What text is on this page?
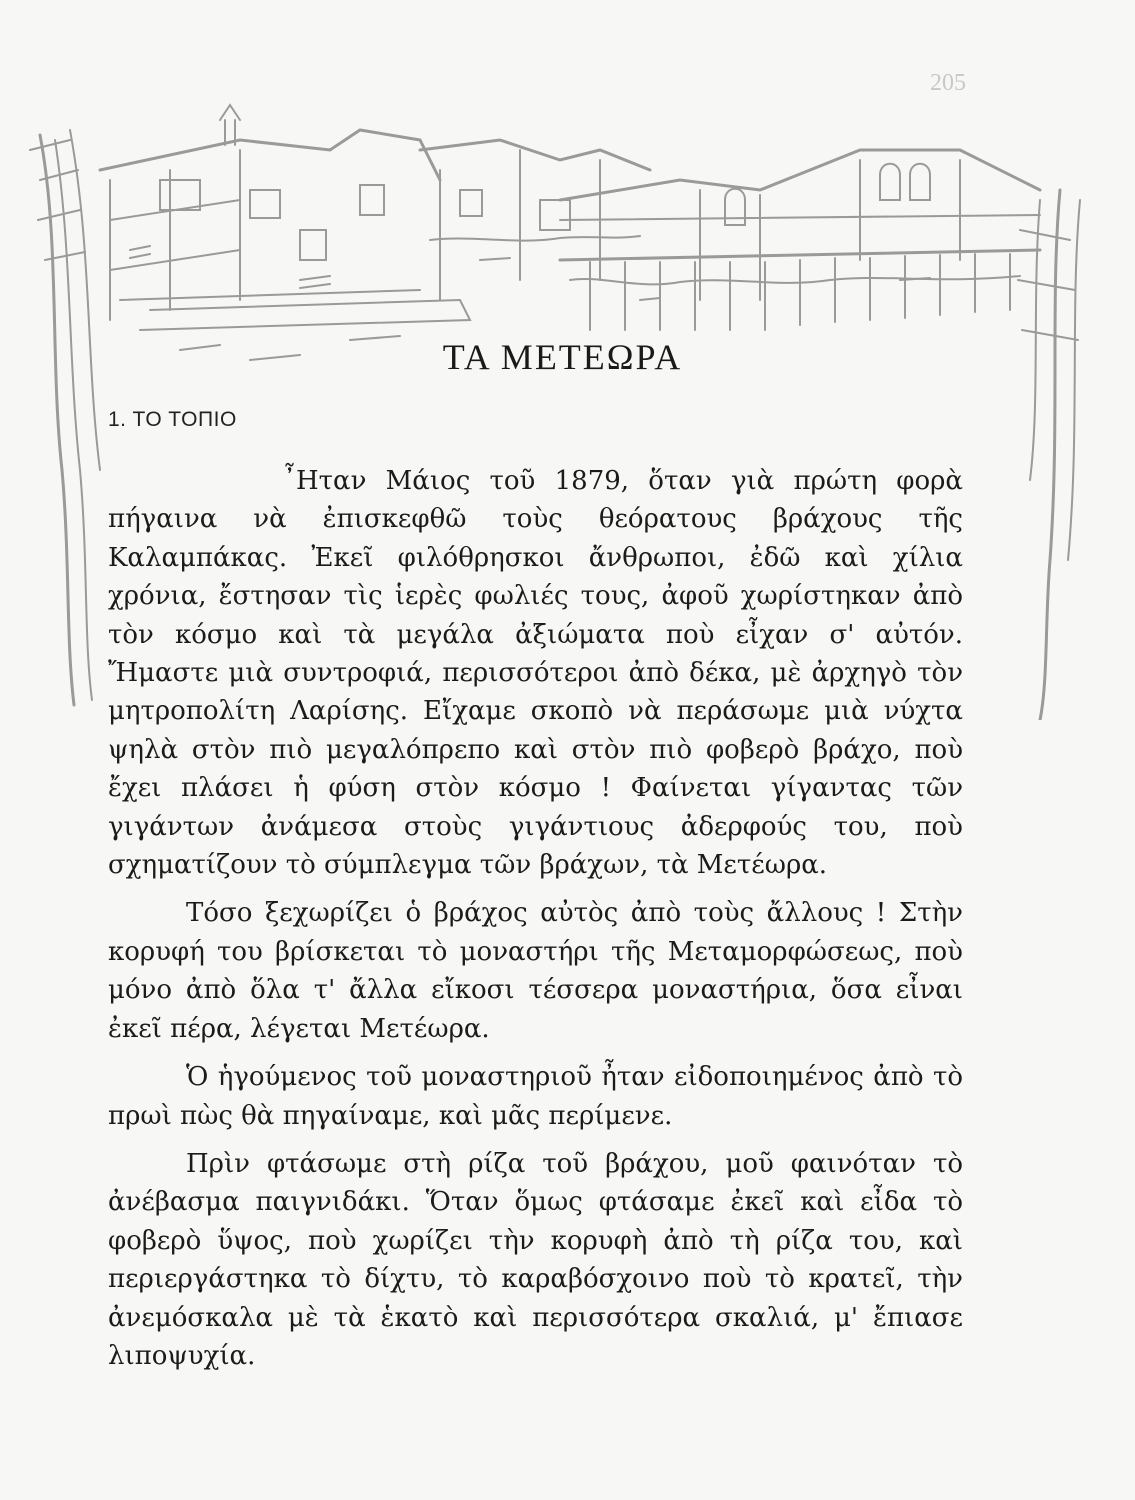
205
ΤΑ ΜΕΤΕΩΡΑ
1. ΤΟ ΤΟΠΙΟ

῏Ηταν Μάιος τοῦ 1879, ὅταν γιὰ πρώτη φορὰ πήγαινα νὰ ἐπισκεφθῶ τοὺς θεόρατους βράχους τῆς Καλαμπάκας. Ἐκεῖ φιλόθρησκοι ἄνθρωποι, ἐδῶ καὶ χίλια χρόνια, ἔστησαν τὶς ἱερὲς φωλιές τους, ἀφοῦ χωρίστηκαν ἀπὸ τὸν κόσμο καὶ τὰ μεγάλα ἀξιώματα ποὺ εἶχαν σ' αὐτόν. Ἤμαστε μιὰ συντροφιά, περισσότεροι ἀπὸ δέκα, μὲ ἀρχηγὸ τὸν μητροπολίτη Λαρίσης. Εἴχαμε σκοπὸ νὰ περάσωμε μιὰ νύχτα ψηλὰ στὸν πιὸ μεγαλόπρεπο καὶ στὸν πιὸ φοβερὸ βράχο, ποὺ ἔχει πλάσει ἡ φύση στὸν κόσμο ! Φαίνεται γίγαντας τῶν γιγάντων ἀνάμεσα στοὺς γιγάντιους ἀδερφούς του, ποὺ σχηματίζουν τὸ σύμπλεγμα τῶν βράχων, τὰ Μετέωρα.

Τόσο ξεχωρίζει ὁ βράχος αὐτὸς ἀπὸ τοὺς ἄλλους ! Στὴν κορυφή του βρίσκεται τὸ μοναστήρι τῆς Μεταμορφώσεως, ποὺ μόνο ἀπὸ ὅλα τ' ἄλλα εἴκοσι τέσσερα μοναστήρια, ὅσα εἶναι ἐκεῖ πέρα, λέγεται Μετέωρα.

Ὁ ἡγούμενος τοῦ μοναστηριοῦ ἦταν εἰδοποιημένος ἀπὸ τὸ πρωὶ πὼς θὰ πηγαίναμε, καὶ μᾶς περίμενε.

Πρὶν φτάσωμε στὴ ρίζα τοῦ βράχου, μοῦ φαινόταν τὸ ἀνέβασμα παιγνιδάκι. Ὅταν ὅμως φτάσαμε ἐκεῖ καὶ εἶδα τὸ φοβερὸ ὕψος, ποὺ χωρίζει τὴν κορυφὴ ἀπὸ τὴ ρίζα του, καὶ περιεργάστηκα τὸ δίχτυ, τὸ καραβόσχοινο ποὺ τὸ κρατεῖ, τὴν ἀνεμόσκαλα μὲ τὰ ἑκατὸ καὶ περισσότερα σκαλιά, μ' ἔπιασε λιποψυχία.
